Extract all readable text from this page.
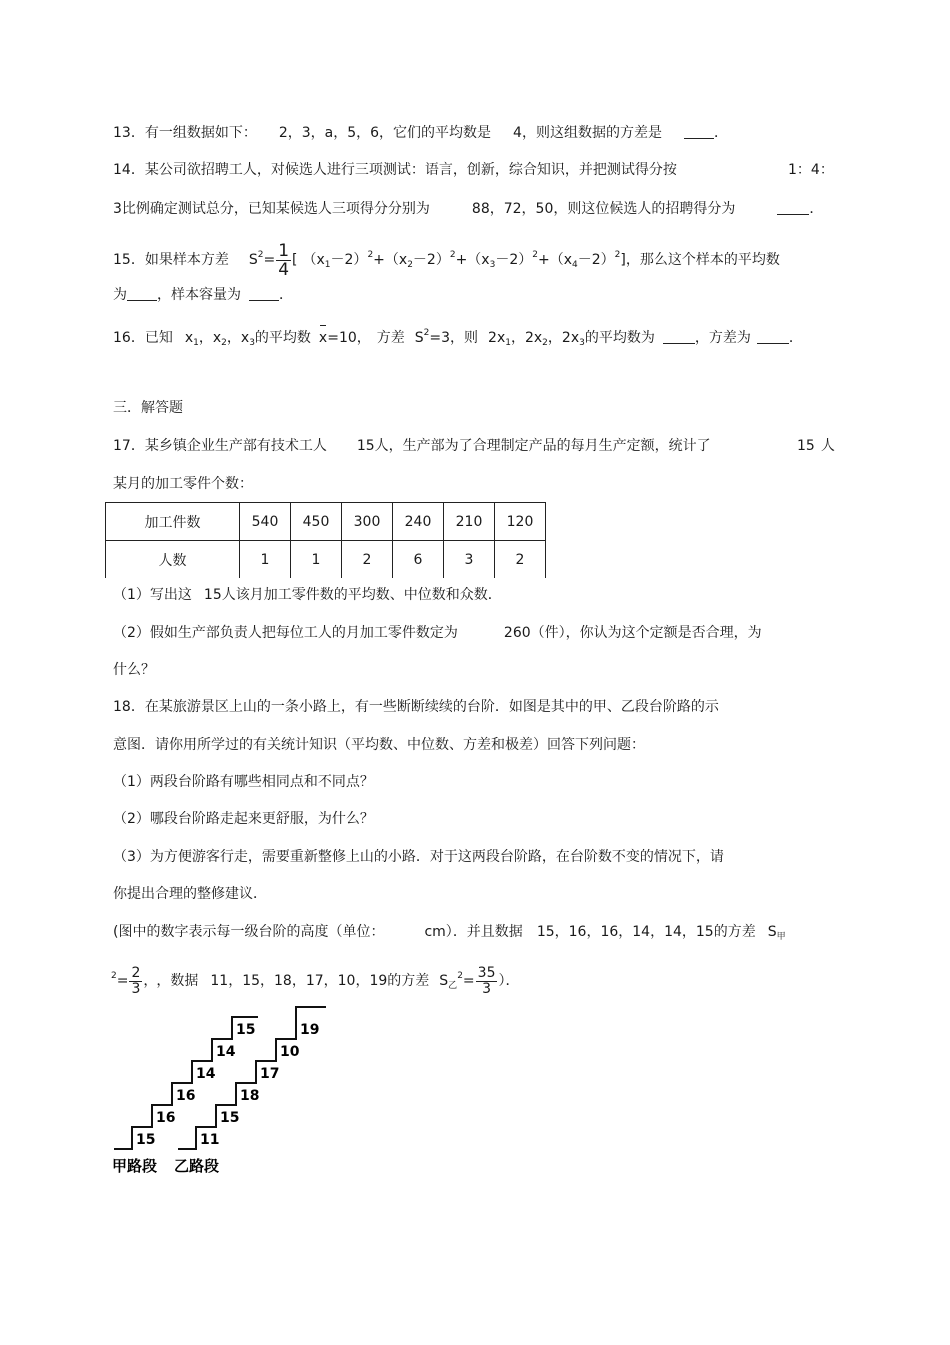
13．有一组数据如下： 2，3，a，5，6，它们的平均数是 4，则这组数据的方差是	．
14．某公司欲招聘工人，对候选人进行三项测试：语言，创新，综合知识，并把测试得分按	1：4：
3比例确定测试总分，已知某候选人三项得分分别为	88，72，50，则这位候选人的招聘得分为	．
15．如果样本方差 $S^2= \frac{1}{4}$ [ $(x_1-2)^2+(x_2-2)^2+(x_3-2)^2+(x_4-2)^2$]，那么这个样本的平均数
为 ，样本容量为	．
16．已知 $x_1$，$x_2$，$x_3$的平均数 x=10， 方差 $S^2=3$，则 $2x_1$，$2x_2$，$2x_3$的平均数为	，方差为	．
三．解答题
17．某乡镇企业生产部有技术工人 15人，生产部为了合理制定产品的每月生产定额，统计了	15 人
某月的加工零件个数：
加工件数	540	450	300	240	210	120
人数	1	1	2	6	3	2
（1）写出这 15人该月加工零件数的平均数、中位数和众数．
（2）假如生产部负责人把每位工人的月加工零件数定为	260（件），你认为这个定额是否合理，为
什么？
18．在某旅游景区上山的一条小路上，有一些断断续续的台阶．如图是其中的甲、乙段台阶路的示
意图．请你用所学过的有关统计知识（平均数、中位数、方差和极差）回答下列问题：
（1）两段台阶路有哪些相同点和不同点？
（2）哪段台阶路走起来更舒服，为什么？
（3）为方便游客行走，需要重新整修上山的小路．对于这两段台阶路，在台阶数不变的情况下，请
你提出合理的整修建议．
(图中的数字表示每一级台阶的高度（单位：	cm）．并且数据 15，16，16，14，14，15的方差 $S_甲$
$^2= \frac{2}{3}$ ， ，数据 11，15，18，17，10，19的方差 $S_乙^2= \frac{35}{3}$ ）．
15
16
16
14
14
15
11
15
18
17
10
19
甲路段 乙路段
